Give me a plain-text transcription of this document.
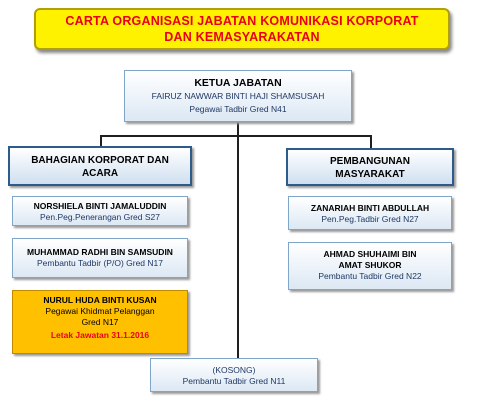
CARTA ORGANISASI JABATAN KOMUNIKASI KORPORAT
DAN KEMASYARAKATAN
KETUA JABATAN
FAIRUZ NAWWAR BINTI HAJI SHAMSUSAH
Pegawai Tadbir Gred N41
BAHAGIAN KORPORAT DAN
ACARA
PEMBANGUNAN
MASYARAKAT
NORSHIELA BINTI JAMALUDDIN
Pen.Peg.Penerangan Gred S27
MUHAMMAD RADHI BIN SAMSUDIN
Pembantu Tadbir (P/O) Gred N17
NURUL HUDA BINTI KUSAN
Pegawai Khidmat Pelanggan
Gred N17
Letak Jawatan 31.1.2016
ZANARIAH BINTI ABDULLAH
Pen.Peg.Tadbir Gred N27
AHMAD SHUHAIMI BIN
AMAT SHUKOR
Pembantu Tadbir Gred N22
(KOSONG)
Pembantu Tadbir Gred N11
